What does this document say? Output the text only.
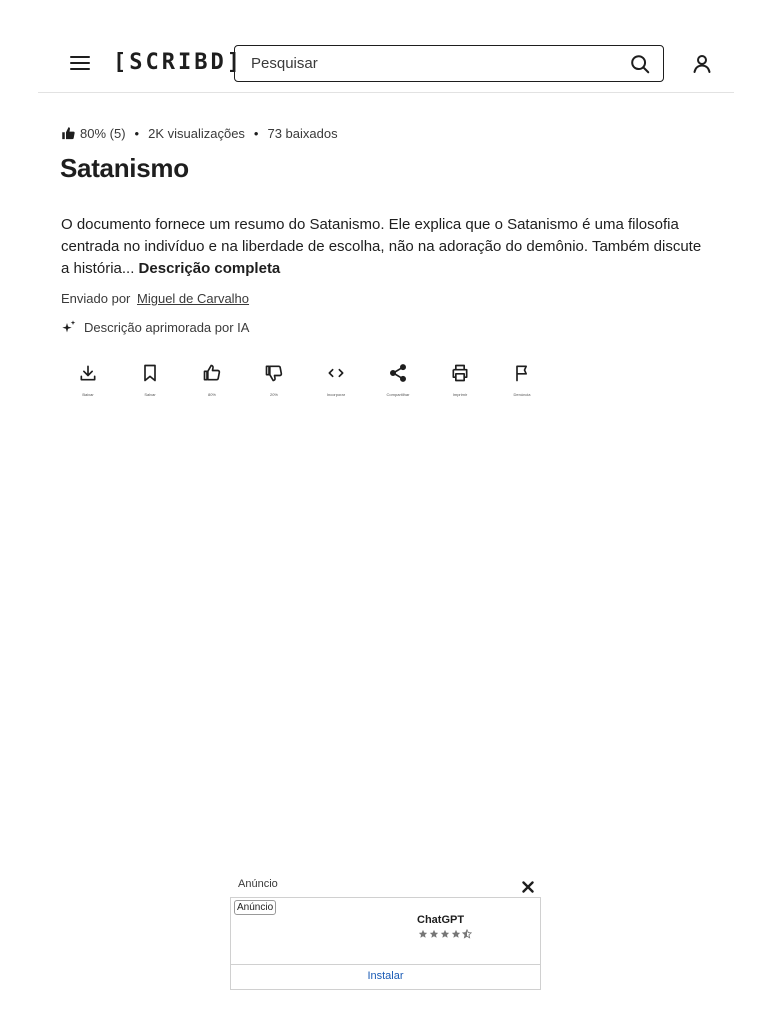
[SCRIBD]
Pesquisar
80% (5) • 2K visualizações • 73 baixados
Satanismo

O documento fornece um resumo do Satanismo. Ele explica que o Satanismo é uma filosofia centrada no indivíduo e na liberdade de escolha, não na adoração do demônio. Também discute a história... Descrição completa

Enviado por Miguel de Carvalho
Descrição aprimorada por IA
Baixar	Salvar	80%	20%	Incorporar	Compartilhar	Imprimir	Denúncia
Anúncio
Anúncio
ChatGPT
Instalar
